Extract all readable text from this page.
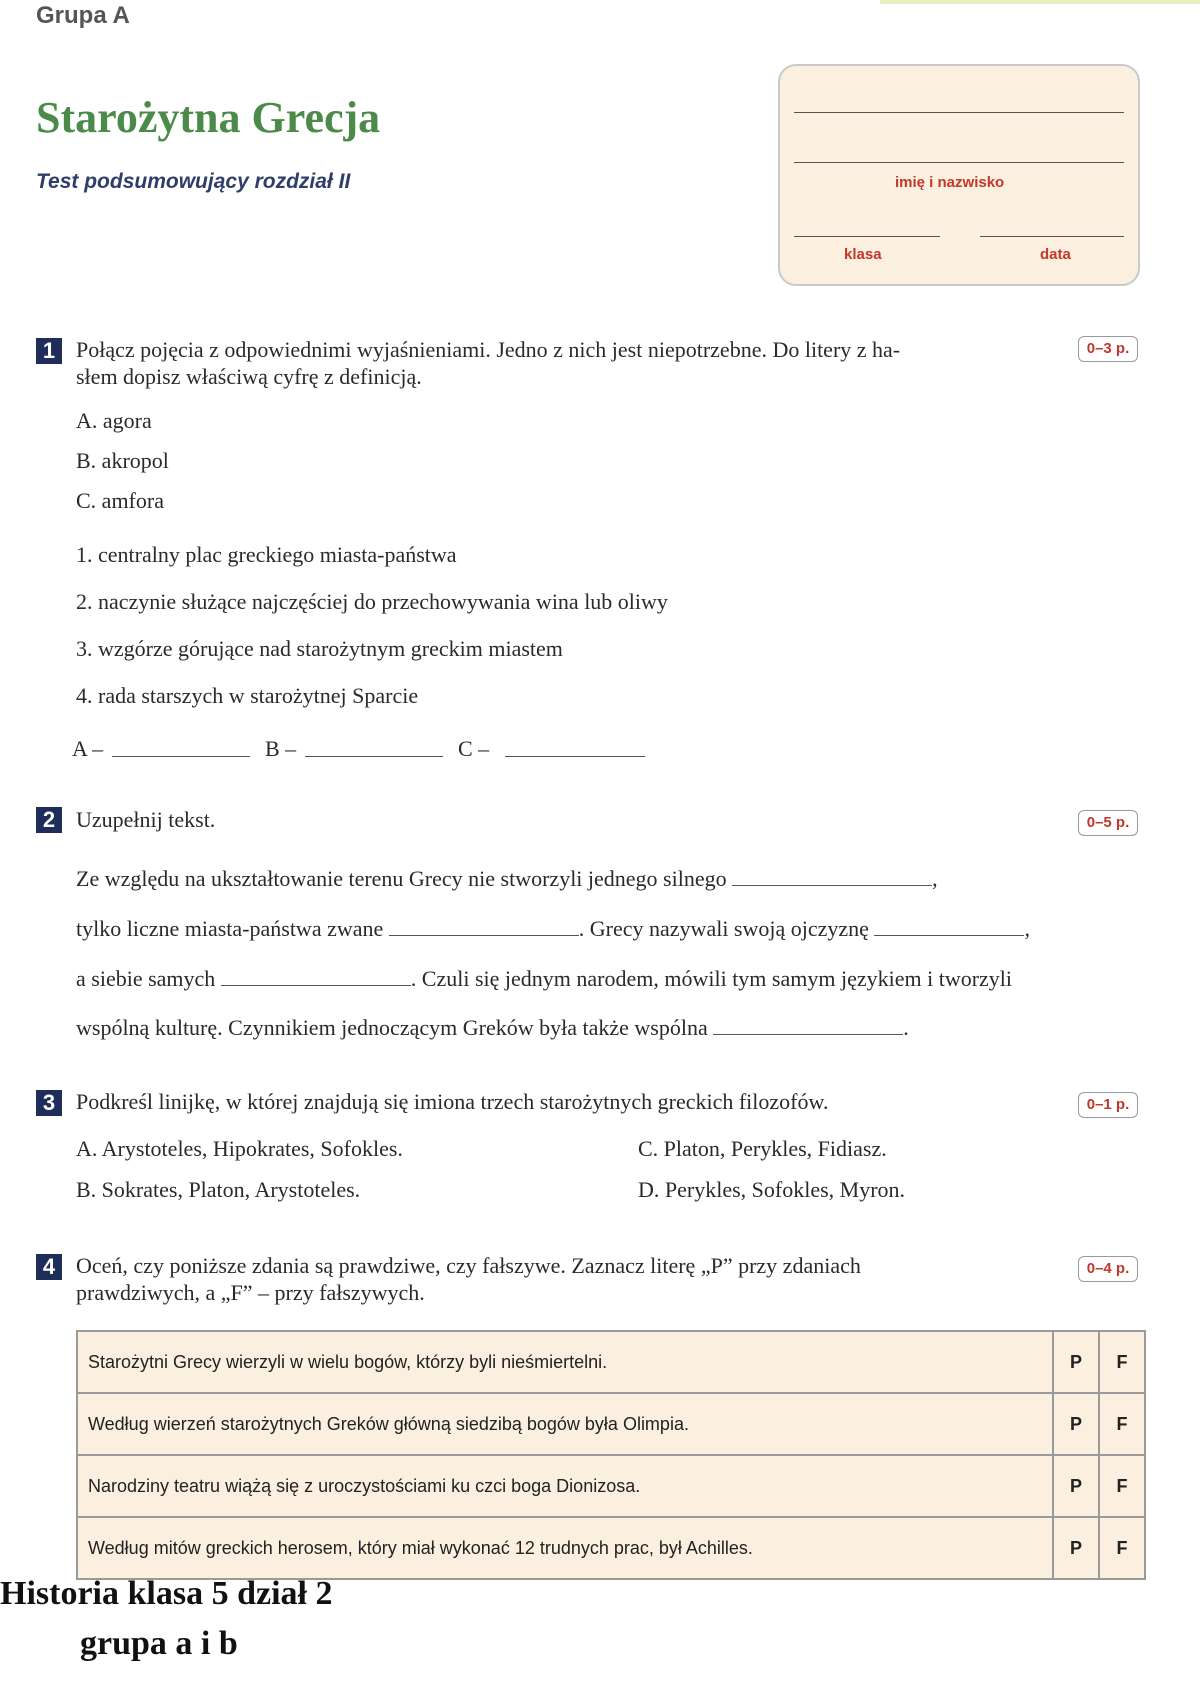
Grupa A
Starożytna Grecja
Test podsumowujący rozdział II	imię i nazwisko
klasa	data
1 Połącz pojęcia z odpowiednimi wyjaśnieniami. Jedno z nich jest niepotrzebne. Do litery z ha-
słem dopisz właściwą cyfrę z definicją.
0–3 p.
A. agora
B. akropol
C. amfora
1. centralny plac greckiego miasta-państwa
2. naczynie służące najczęściej do przechowywania wina lub oliwy
3. wzgórze górujące nad starożytnym greckim miastem
4. rada starszych w starożytnej Sparcie
A –	B –	C –
2 Uzupełnij tekst.	0–5 p.
Ze względu na ukształtowanie terenu Grecy nie stworzyli jednego silnego	,
tylko liczne miasta-państwa zwane	. Grecy nazywali swoją ojczyznę	,
a siebie samych	. Czuli się jednym narodem, mówili tym samym językiem i tworzyli
wspólną kulturę. Czynnikiem jednoczącym Greków była także wspólna	.
3 Podkreśl linijkę, w której znajdują się imiona trzech starożytnych greckich filozofów.	0–1 p.
A. Arystoteles, Hipokrates, Sofokles.	C. Platon, Perykles, Fidiasz.
B. Sokrates, Platon, Arystoteles.	D. Perykles, Sofokles, Myron.
4 Oceń, czy poniższe zdania są prawdziwe, czy fałszywe. Zaznacz literę „P” przy zdaniach
prawdziwych, a „F” – przy fałszywych.
0–4 p.
Starożytni Grecy wierzyli w wielu bogów, którzy byli nieśmiertelni.	P	F
Według wierzeń starożytnych Greków główną siedzibą bogów była Olimpia.	P	F
Narodziny teatru wiążą się z uroczystościami ku czci boga Dionizosa.	P	F
Według mitów greckich herosem, który miał wykonać 12 trudnych prac, był Achilles.	P	F
Historia klasa 5 dział 2
grupa a i b
